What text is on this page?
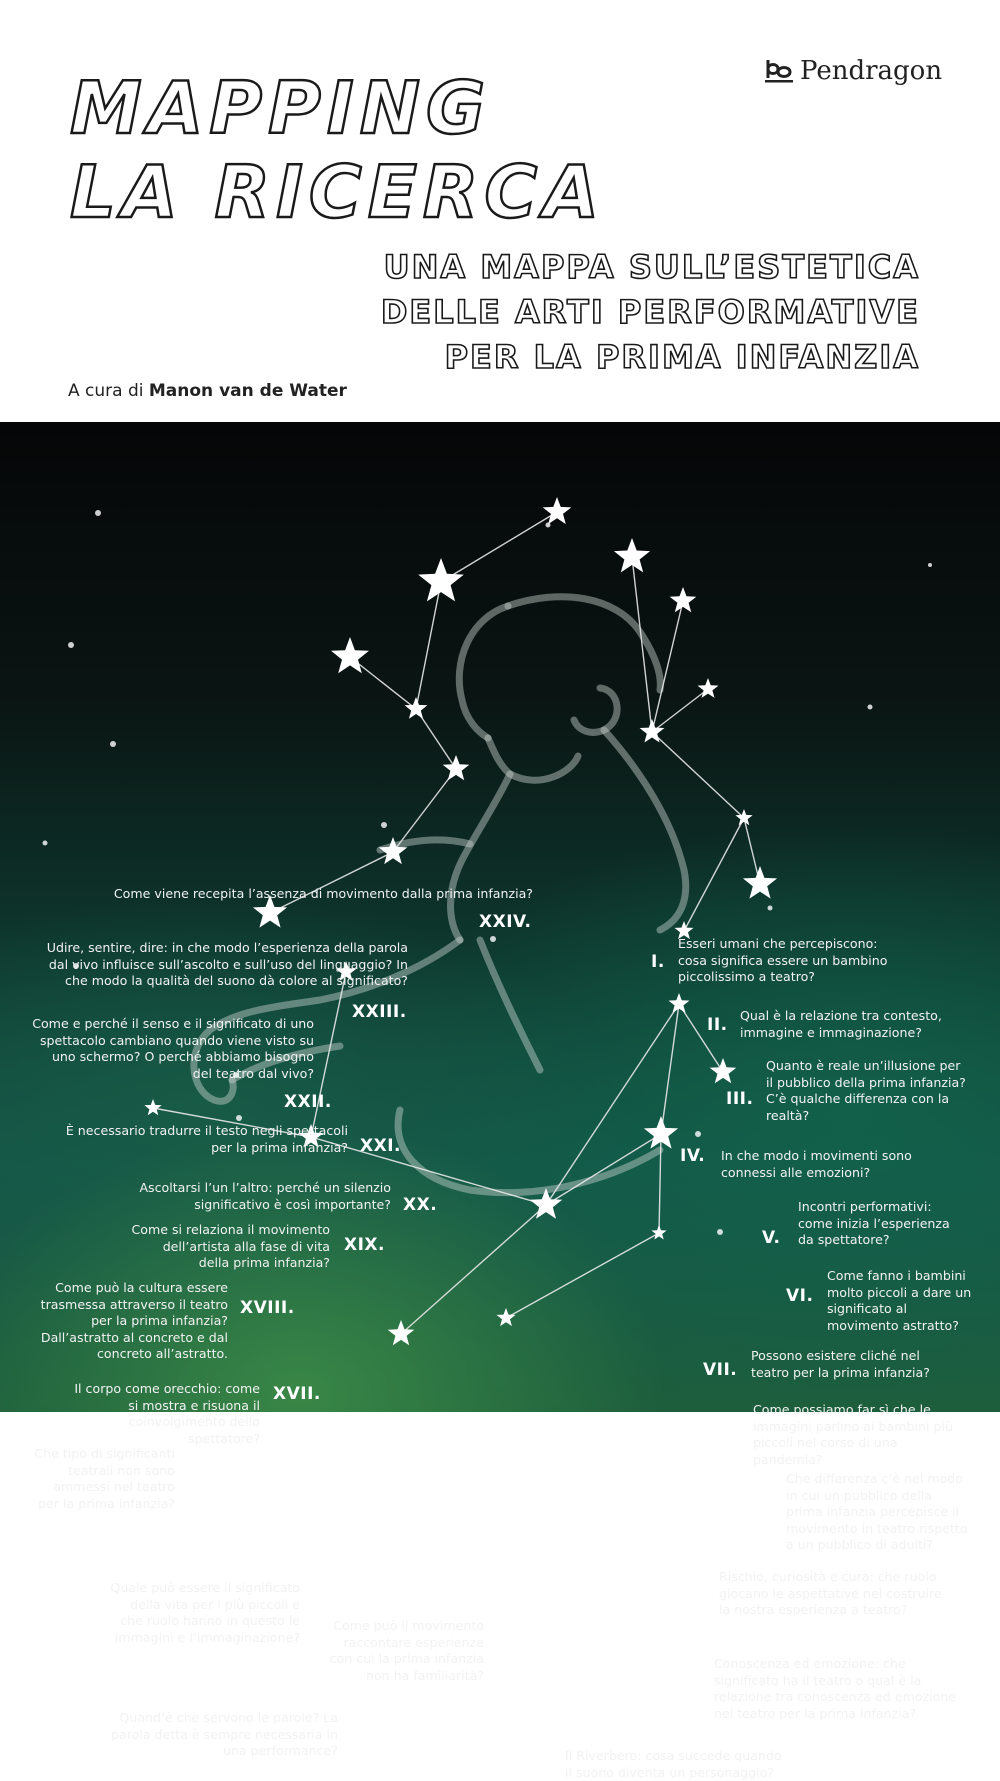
MAPPING
LA RICERCA
UNA MAPPA SULL’ESTETICA
DELLE ARTI PERFORMATIVE
PER LA PRIMA INFANZIA
A cura di Manon van de Water
Pendragon
I.
II.
III.
IV.
V.
VI.
VII.
VIII.
IX.
X.
XI.
XII.
XIII.
XIV.
XV.
XVI.
XVII.
XVIII.
XIX.
XX.
XXI.
XXII.
XXIII.
XXIV.
Esseri umani che percepiscono: cosa significa essere un bambino piccolissimo a teatro?
Qual è la relazione tra contesto, immagine e immaginazione?
Quanto è reale un’illusione per il pubblico della prima infanzia? C’è qualche differenza con la realtà?
In che modo i movimenti sono connessi alle emozioni?
Incontri performativi: come inizia l’esperienza da spettatore?
Come fanno i bambini molto piccoli a dare un significato al movimento astratto?
Possono esistere cliché nel teatro per la prima infanzia?
Come possiamo far sì che le immagini parlino ai bambini più piccoli nel corso di una pandemia?
Che differenza c’è nel modo in cui un pubblico della prima infanzia percepisce il movimento in teatro rispetto a un pubblico di adulti?
Rischio, curiosità e cura: che ruolo giocano le aspettative nel costruire la nostra esperienza a teatro?
Conoscenza ed emozione: che significato ha il teatro o qual è la relazione tra conoscenza ed emozione nel teatro per la prima infanzia?
Il Riverbero: cosa succede quando il suono diventa un personaggio?
Quand’è che servono le parole? La parola detta è sempre necessaria in una performance?
Come può il movimento raccontare esperienze con cui la prima infanzia non ha familiarità?
Quale può essere il significato della vita per i più piccoli e che ruolo hanno in questo le immagini e l’immaginazione?
Che tipo di significanti teatrali non sono ammessi nel teatro per la prima infanzia?
Il corpo come orecchio: come si mostra e risuona il coinvolgimento dello spettatore?
Come può la cultura essere trasmessa attraverso il teatro per la prima infanzia? Dall’astratto al concreto e dal concreto all’astratto.
Come si relaziona il movimento dell’artista alla fase di vita della prima infanzia?
Ascoltarsi l’un l’altro: perché un silenzio significativo è così importante?
È necessario tradurre il testo negli spettacoli per la prima infanzia?
Come e perché il senso e il significato di uno spettacolo cambiano quando viene visto su uno schermo? O perché abbiamo bisogno del teatro dal vivo?
Udire, sentire, dire: in che modo l’esperienza della parola dal vivo influisce sull’ascolto e sull’uso del linguaggio? In che modo la qualità del suono dà colore al significato?
Come viene recepita l’assenza di movimento dalla prima infanzia?
